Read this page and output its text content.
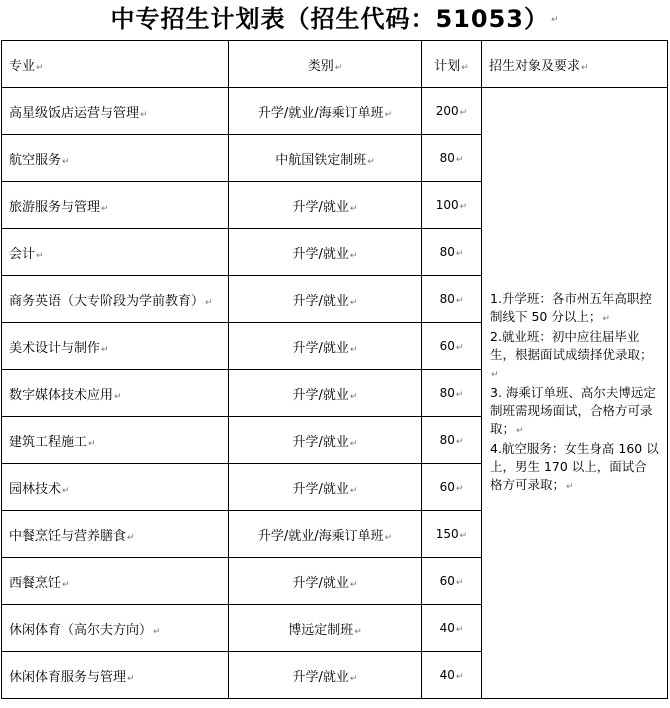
中专招生计划表（招生代码：51053） ↵
专业↵	类别↵	计划↵	招生对象及要求↵
高星级饭店运营与管理↵	升学/就业/海乘订单班↵	200↵	1.升学班：各市州五年高职控制线下 50 分以上；↵
2.就业班：初中应往届毕业生，根据面试成绩择优录取；↵
3. 海乘订单班、高尔夫博远定制班需现场面试，合格方可录取；↵
4.航空服务：女生身高 160 以上，男生 170 以上，面试合格方可录取；↵

航空服务↵	中航国铁定制班↵	80↵	
旅游服务与管理↵	升学/就业↵	100↵	
会计↵	升学/就业↵	80↵	
商务英语（大专阶段为学前教育）↵	升学/就业↵	80↵	
美术设计与制作↵	升学/就业↵	60↵	
数字媒体技术应用↵	升学/就业↵	80↵	
建筑工程施工↵	升学/就业↵	80↵	
园林技术↵	升学/就业↵	60↵	
中餐烹饪与营养膳食↵	升学/就业/海乘订单班↵	150↵	
西餐烹饪↵	升学/就业↵	60↵	
休闲体育（高尔夫方向）↵	博远定制班↵	40↵	
休闲体育服务与管理↵	升学/就业↵	40↵	
